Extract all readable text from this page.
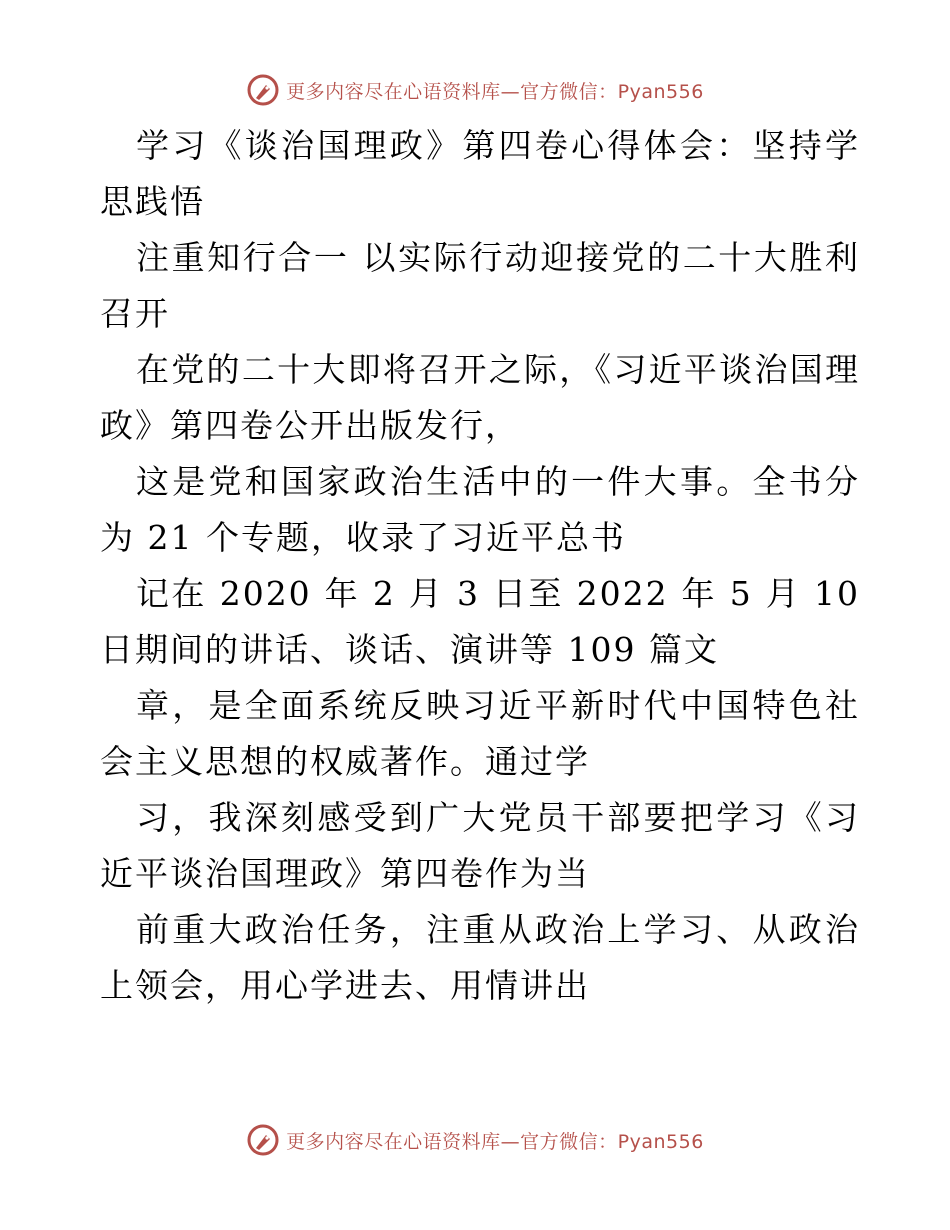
更多内容尽在心语资料库—官方微信：Pyan556

学习《谈治国理政》第四卷心得体会：坚持学思践悟

注重知行合一 以实际行动迎接党的二十大胜利召开

在党的二十大即将召开之际，《习近平谈治国理政》第四卷公开出版发行，

这是党和国家政治生活中的一件大事。全书分为 21 个专题，收录了习近平总书

记在 2020 年 2 月 3 日至 2022 年 5 月 10 日期间的讲话、谈话、演讲等 109 篇文

章，是全面系统反映习近平新时代中国特色社会主义思想的权威著作。通过学

习，我深刻感受到广大党员干部要把学习《习近平谈治国理政》第四卷作为当

前重大政治任务，注重从政治上学习、从政治上领会，用心学进去、用情讲出

更多内容尽在心语资料库—官方微信：Pyan556
